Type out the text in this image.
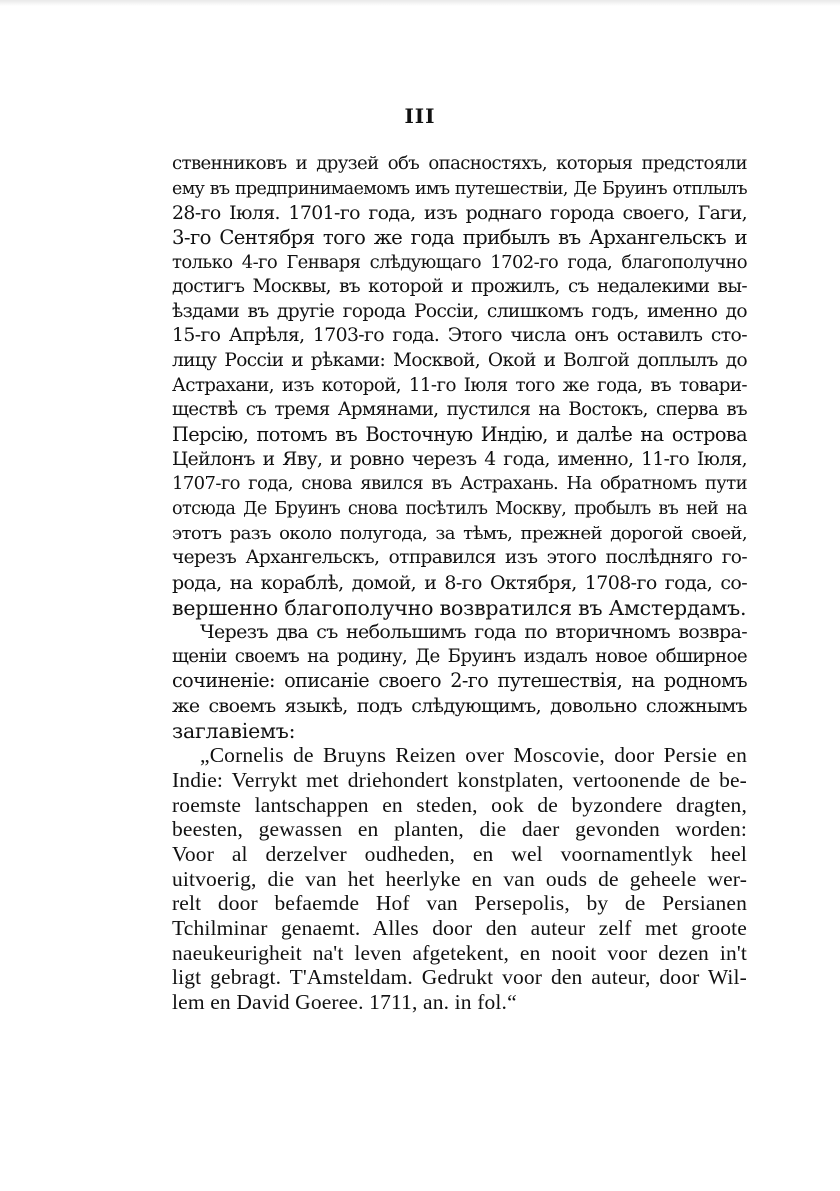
III
ственниковъ и друзей объ опасностяхъ, которыя предстояли
ему въ предпринимаемомъ имъ путешествіи, Де Бруинъ отплылъ
28-го Іюля. 1701-го года, изъ роднаго города своего, Гаги,
3-го Сентября того же года прибылъ въ Архангельскъ и
только 4-го Генваря слѣдующаго 1702-го года, благополучно
достигъ Москвы, въ которой и прожилъ, съ недалекими вы-
ѣздами въ другіе города Россіи, слишкомъ годъ, именно до
15-го Апрѣля, 1703-го года. Этого числа онъ оставилъ сто-
лицу Россіи и рѣками: Москвой, Окой и Волгой доплылъ до
Астрахани, изъ которой, 11-го Іюля того же года, въ товари-
ществѣ съ тремя Армянами, пустился на Востокъ, сперва въ
Персію, потомъ въ Восточную Индію, и далѣе на острова
Цейлонъ и Яву, и ровно черезъ 4 года, именно, 11-го Іюля,
1707-го года, снова явился въ Астрахань. На обратномъ пути
отсюда Де Бруинъ снова посѣтилъ Москву, пробылъ въ ней на
этотъ разъ около полугода, за тѣмъ, прежней дорогой своей,
черезъ Архангельскъ, отправился изъ этого послѣдняго го-
рода, на кораблѣ, домой, и 8-го Октября, 1708-го года, со-
вершенно благополучно возвратился въ Амстердамъ.
Черезъ два съ небольшимъ года по вторичномъ возвра-
щеніи своемъ на родину, Де Бруинъ издалъ новое обширное
сочиненіе: описаніе своего 2-го путешествія, на родномъ
же своемъ языкѣ, подъ слѣдующимъ, довольно сложнымъ
заглавіемъ:
„Cornelis de Bruyns Reizen over Moscovie, door Persie en
Indie: Verrykt met driehondert konstplaten, vertoonende de be-
roemste lantschappen en steden, ook de byzondere dragten,
beesten, gewassen en planten, die daer gevonden worden:
Voor al derzelver oudheden, en wel voornamentlyk heel
uitvoerig, die van het heerlyke en van ouds de geheele wer-
relt door befaemde Hof van Persepolis, by de Persianen
Tchilminar genaemt. Alles door den auteur zelf met groote
naeukeurigheit na't leven afgetekent, en nooit voor dezen in't
ligt gebragt. T'Amsteldam. Gedrukt voor den auteur, door Wil-
lem en David Goeree. 1711, an. in fol.“
